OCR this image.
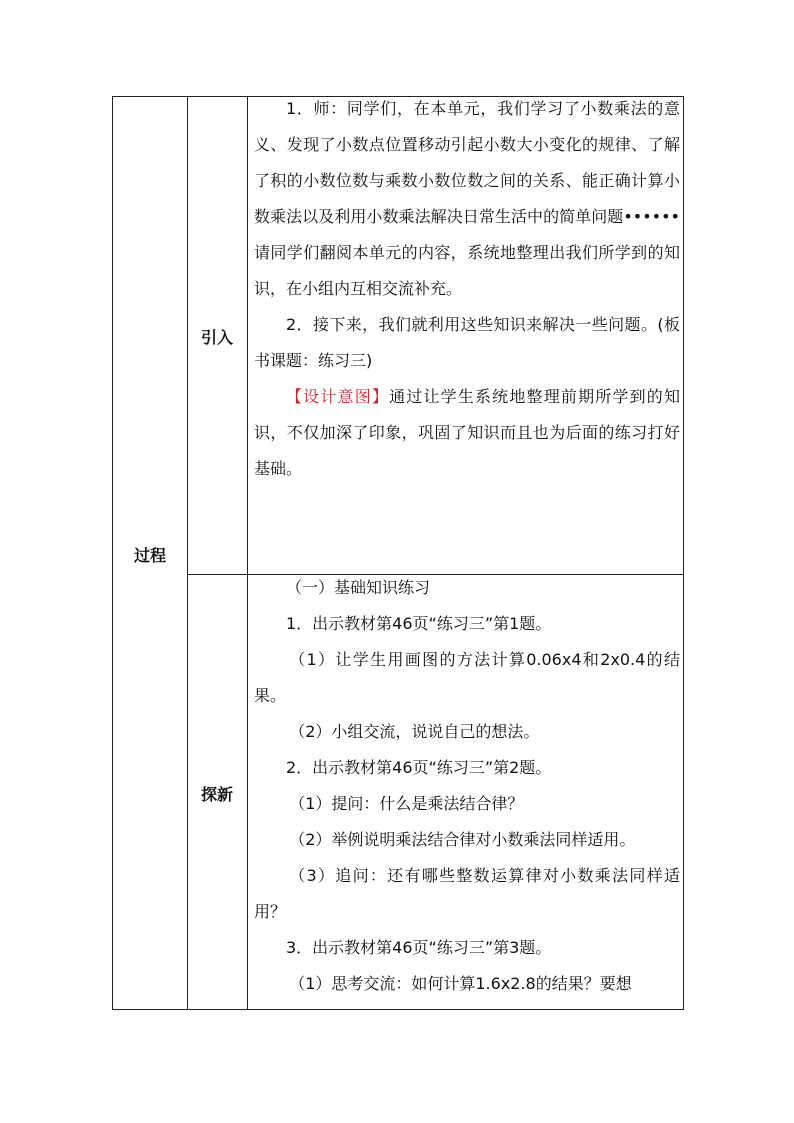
过程
引入
探新

1．师：同学们，在本单元，我们学习了小数乘法的意义、发现了小数点位置移动引起小数大小变化的规律、了解了积的小数位数与乘数小数位数之间的关系、能正确计算小数乘法以及利用小数乘法解决日常生活中的简单问题••••••请同学们翻阅本单元的内容，系统地整理出我们所学到的知识，在小组内互相交流补充。

2．接下来，我们就利用这些知识来解决一些问题。(板书课题：练习三)

【设计意图】通过让学生系统地整理前期所学到的知识，不仅加深了印象，巩固了知识而且也为后面的练习打好基础。

（一）基础知识练习

1．出示教材第46页“练习三”第1题。

（1）让学生用画图的方法计算0.06x4和2x0.4的结果。

（2）小组交流，说说自己的想法。

2．出示教材第46页“练习三”第2题。

（1）提问：什么是乘法结合律？

（2）举例说明乘法结合律对小数乘法同样适用。

（3）追问：还有哪些整数运算律对小数乘法同样适用？

3．出示教材第46页“练习三”第3题。

（1）思考交流：如何计算1.6x2.8的结果？要想
